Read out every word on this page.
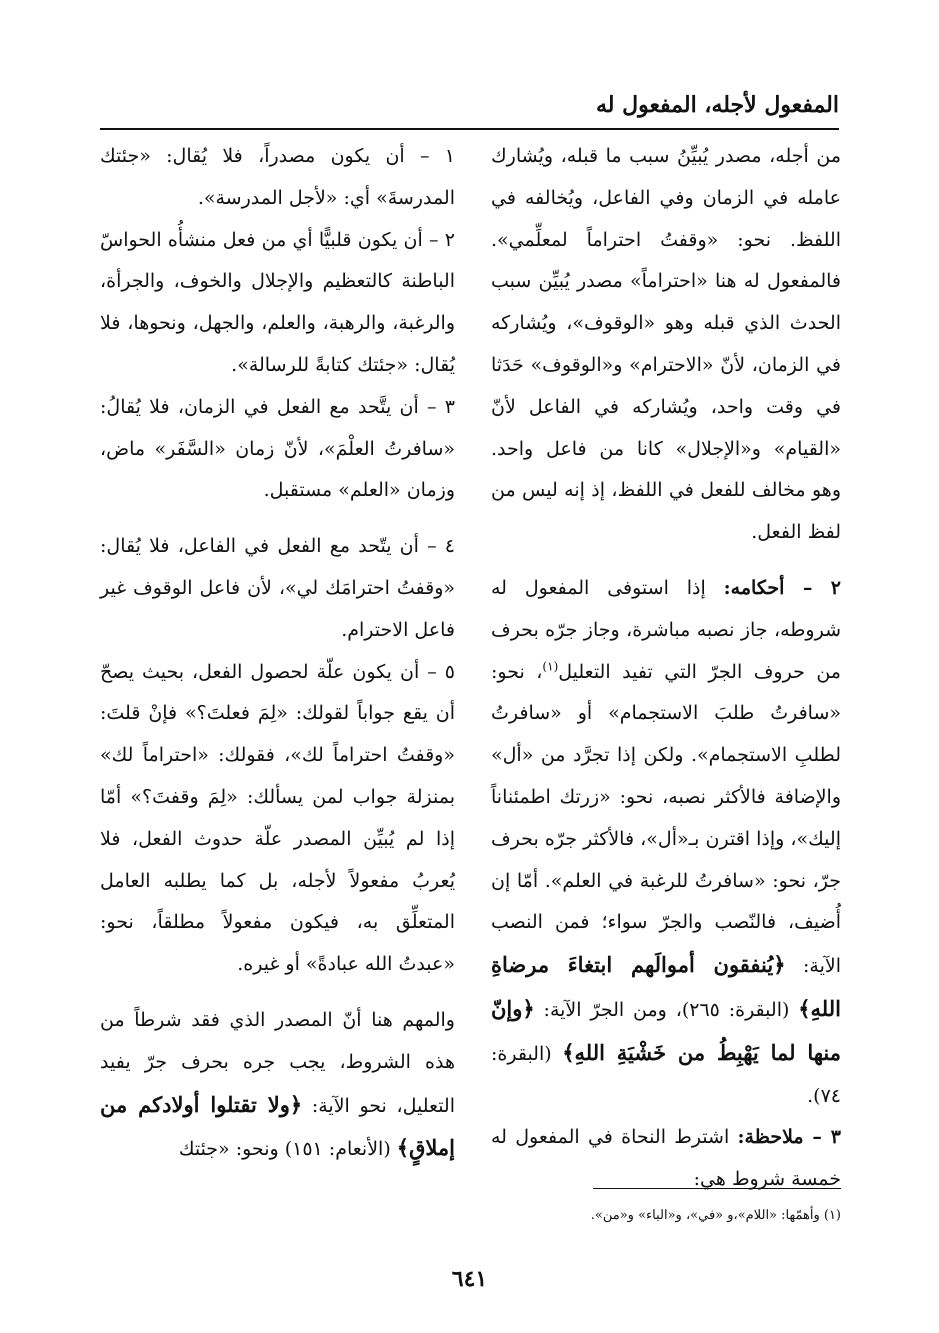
المفعول لأجله، المفعول له

من أجله، مصدر يُبيِّنُ سبب ما قبله، ويُشارك عامله في الزمان وفي الفاعل، ويُخالفه في اللفظ. نحو: «وقفتُ احتراماً لمعلِّمي». فالمفعول له هنا «احتراماً» مصدر يُبيِّن سبب الحدث الذي قبله وهو «الوقوف»، ويُشاركه في الزمان، لأنّ «الاحترام» و«الوقوف» حَدَثا في وقت واحد، ويُشاركه في الفاعل لأنّ «القيام» و«الإجلال» كانا من فاعل واحد. وهو مخالف للفعل في اللفظ، إذ إنه ليس من لفظ الفعل.

٢ – أحكامه: إذا استوفى المفعول له شروطه، جاز نصبه مباشرة، وجاز جرّه بحرف من حروف الجرّ التي تفيد التعليل$^{(١)}$، نحو: «سافرتُ طلبَ الاستجمام» أو «سافرتُ لطلبِ الاستجمام». ولكن إذا تجرَّد من «أل» والإضافة فالأكثر نصبه، نحو: «زرتك اطمئناناً إليك»، وإذا اقترن بـ«أل»، فالأكثر جرّه بحرف جرّ، نحو: «سافرتُ للرغبة في العلم». أمّا إن أُضيف، فالنّصب والجرّ سواء؛ فمن النصب الآية: ﴿يُنفقون أموالَهم ابتغاءَ مرضاةِ اللهِ﴾ (البقرة: ٢٦٥)، ومن الجرّ الآية: ﴿وإنّ منها لما يَهْبِطُ من خَشْيَةِ اللهِ﴾ (البقرة: ٧٤).

٣ – ملاحظة: اشترط النحاة في المفعول له خمسة شروط هي:

١ – أن يكون مصدراً، فلا يُقال: «جئتك المدرسةَ» أي: «لأجل المدرسة».

٢ – أن يكون قلبيًّا أي من فعل منشأُه الحواسّ الباطنة كالتعظيم والإجلال والخوف، والجرأة، والرغبة، والرهبة، والعلم، والجهل، ونحوها، فلا يُقال: «جئتك كتابةً للرسالة».

٣ – أن يتَّحد مع الفعل في الزمان، فلا يُقالُ: «سافرتُ العلْمَ»، لأنّ زمان «السَّفَر» ماض، وزمان «العلم» مستقبل.

٤ – أن يتّحد مع الفعل في الفاعل، فلا يُقال: «وقفتُ احترامَك لي»، لأن فاعل الوقوف غير فاعل الاحترام.

٥ – أن يكون علّة لحصول الفعل، بحيث يصحّ أن يقع جواباً لقولك: «لِمَ فعلتَ؟» فإنْ قلتَ: «وقفتُ احتراماً لك»، فقولك: «احتراماً لك» بمنزلة جواب لمن يسألك: «لِمَ وقفتَ؟» أمّا إذا لم يُبيِّن المصدر علّة حدوث الفعل، فلا يُعربُ مفعولاً لأجله، بل كما يطلبه العامل المتعلِّق به، فيكون مفعولاً مطلقاً، نحو: «عبدتُ الله عبادةً» أو غيره.

والمهم هنا أنّ المصدر الذي فقد شرطاً من هذه الشروط، يجب جره بحرف جرّ يفيد التعليل، نحو الآية: ﴿ولا تقتلوا أولادكم من إملاقٍ﴾ (الأنعام: ١٥١) ونحو: «جئتك

(١) وأهمّها: «اللام»،و «في»، و«الباء» و«من».
٦٤١
